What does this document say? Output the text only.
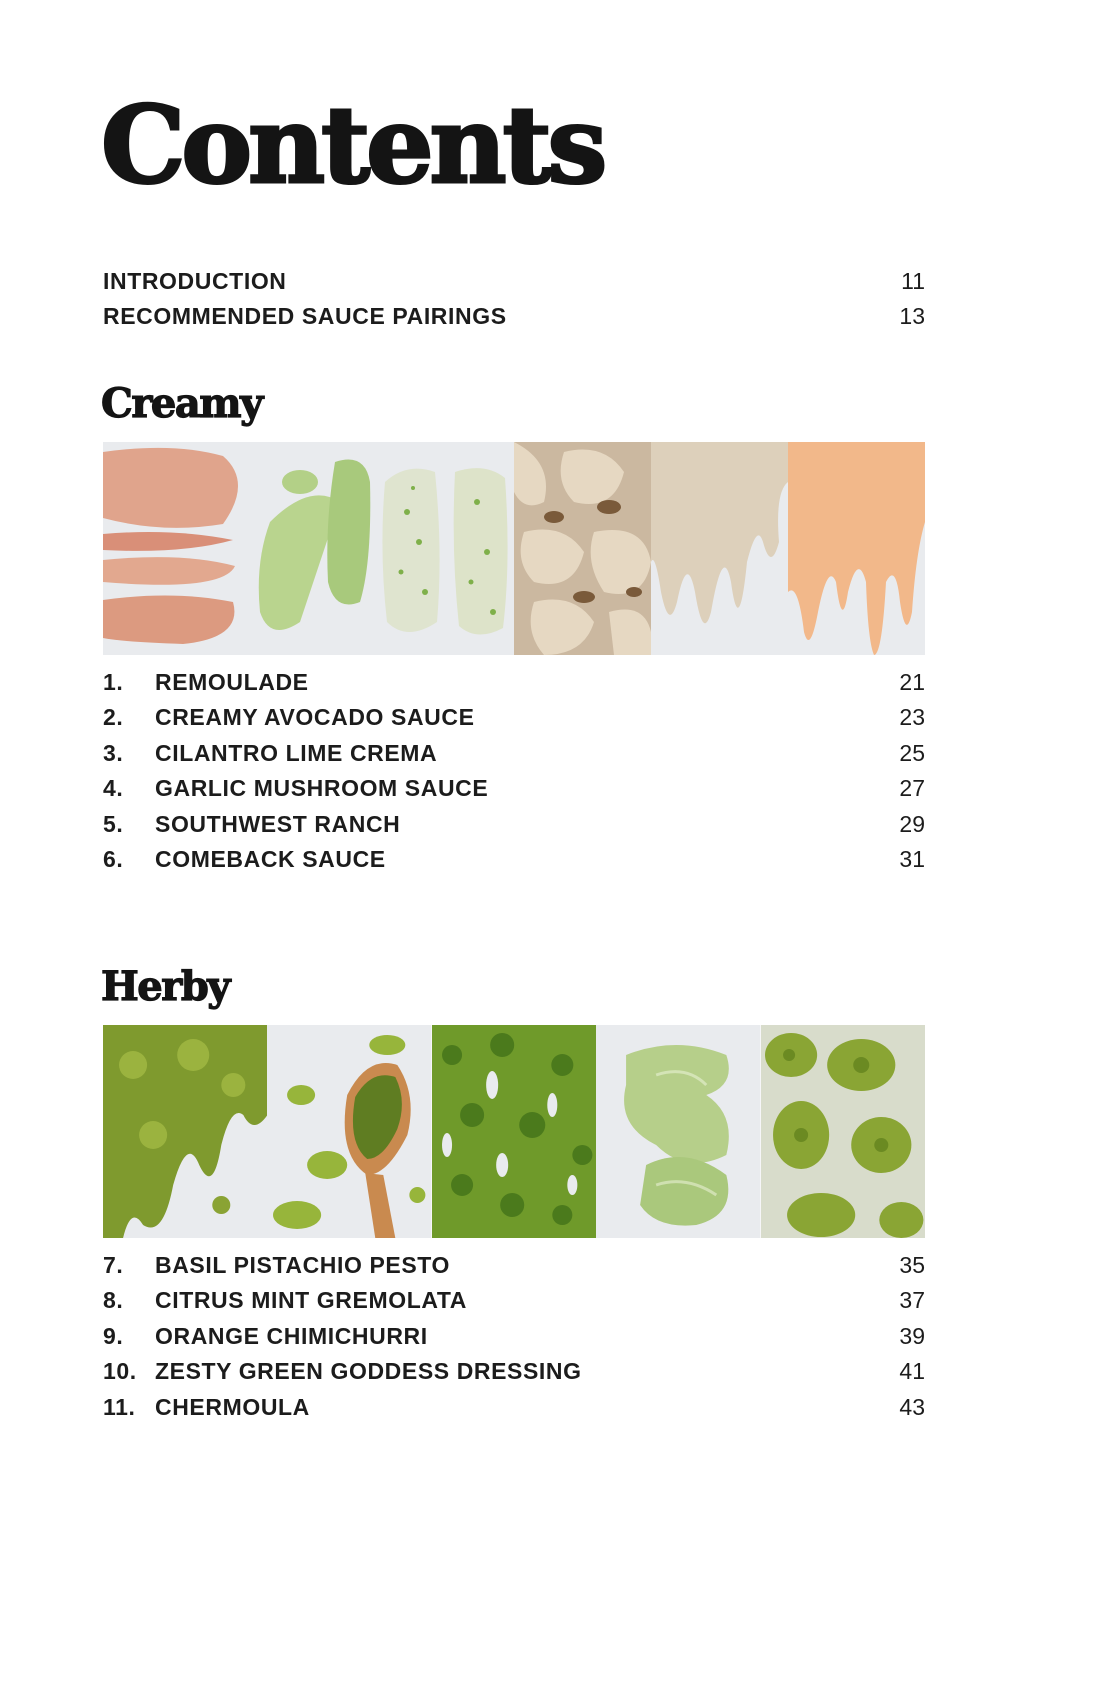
Contents
INTRODUCTION	11
RECOMMENDED SAUCE PAIRINGS	13
Creamy
1.	REMOULADE	21
2.	CREAMY AVOCADO SAUCE	23
3.	CILANTRO LIME CREMA	25
4.	GARLIC MUSHROOM SAUCE	27
5.	SOUTHWEST RANCH	29
6.	COMEBACK SAUCE	31
Herby
7.	BASIL PISTACHIO PESTO	35
8.	CITRUS MINT GREMOLATA	37
9.	ORANGE CHIMICHURRI	39
10. ZESTY GREEN GODDESS DRESSING	41
11. CHERMOULA	43
